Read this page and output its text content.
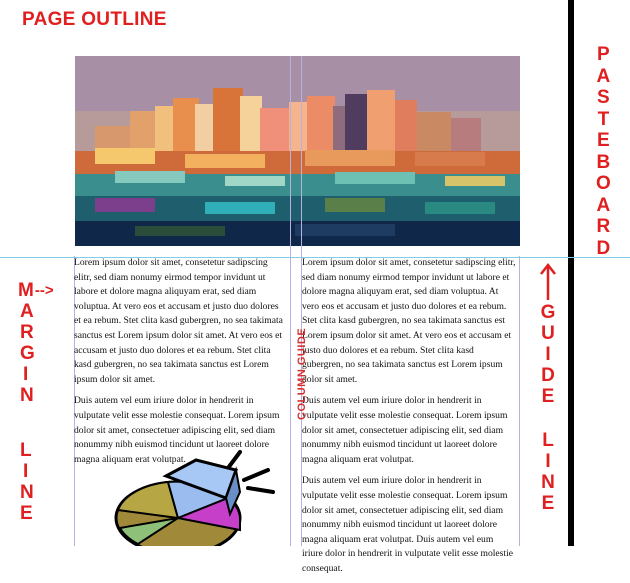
PAGE OUTLINE

Lorem ipsum dolor sit amet, consetetur sadipscing elitr, sed diam nonumy eirmod tempor invidunt ut labore et dolore magna aliquyam erat, sed diam voluptua. At vero eos et accusam et justo duo dolores et ea rebum. Stet clita kasd gubergren, no sea takimata sanctus est Lorem ipsum dolor sit amet. At vero eos et accusam et justo duo dolores et ea rebum. Stet clita kasd gubergren, no sea takimata sanctus est Lorem ipsum dolor sit amet.

Duis autem vel eum iriure dolor in hendrerit in vulputate velit esse molestie consequat. Lorem ipsum dolor sit amet, consectetuer adipiscing elit, sed diam nonummy nibh euismod tincidunt ut laoreet dolore magna aliquam erat volutpat.

Lorem ipsum dolor sit amet, consetetur sadipscing elitr, sed diam nonumy eirmod tempor invidunt ut labore et dolore magna aliquyam erat, sed diam voluptua. At vero eos et accusam et justo duo dolores et ea rebum. Stet clita kasd gubergren, no sea takimata sanctus est Lorem ipsum dolor sit amet. At vero eos et accusam et justo duo dolores et ea rebum. Stet clita kasd gubergren, no sea takimata sanctus est Lorem ipsum dolor sit amet.

Duis autem vel eum iriure dolor in hendrerit in vulputate velit esse molestie consequat. Lorem ipsum dolor sit amet, consectetuer adipiscing elit, sed diam nonummy nibh euismod tincidunt ut laoreet dolore magna aliquam erat volutpat.

Duis autem vel eum iriure dolor in hendrerit in vulputate velit esse molestie consequat. Lorem ipsum dolor sit amet, consectetuer adipiscing elit, sed diam nonummy nibh euismod tincidunt ut laoreet dolore magna aliquam erat volutpat. Duis autem vel eum iriure dolor in hendrerit in vulputate velit esse molestie consequat.

COLUMN GUIDE
P
A
S
T
E
B
O
A
R
D
M -->
A
R
G
I
N
L
I
N
E
G
U
I
D
E
L
I
N
E
